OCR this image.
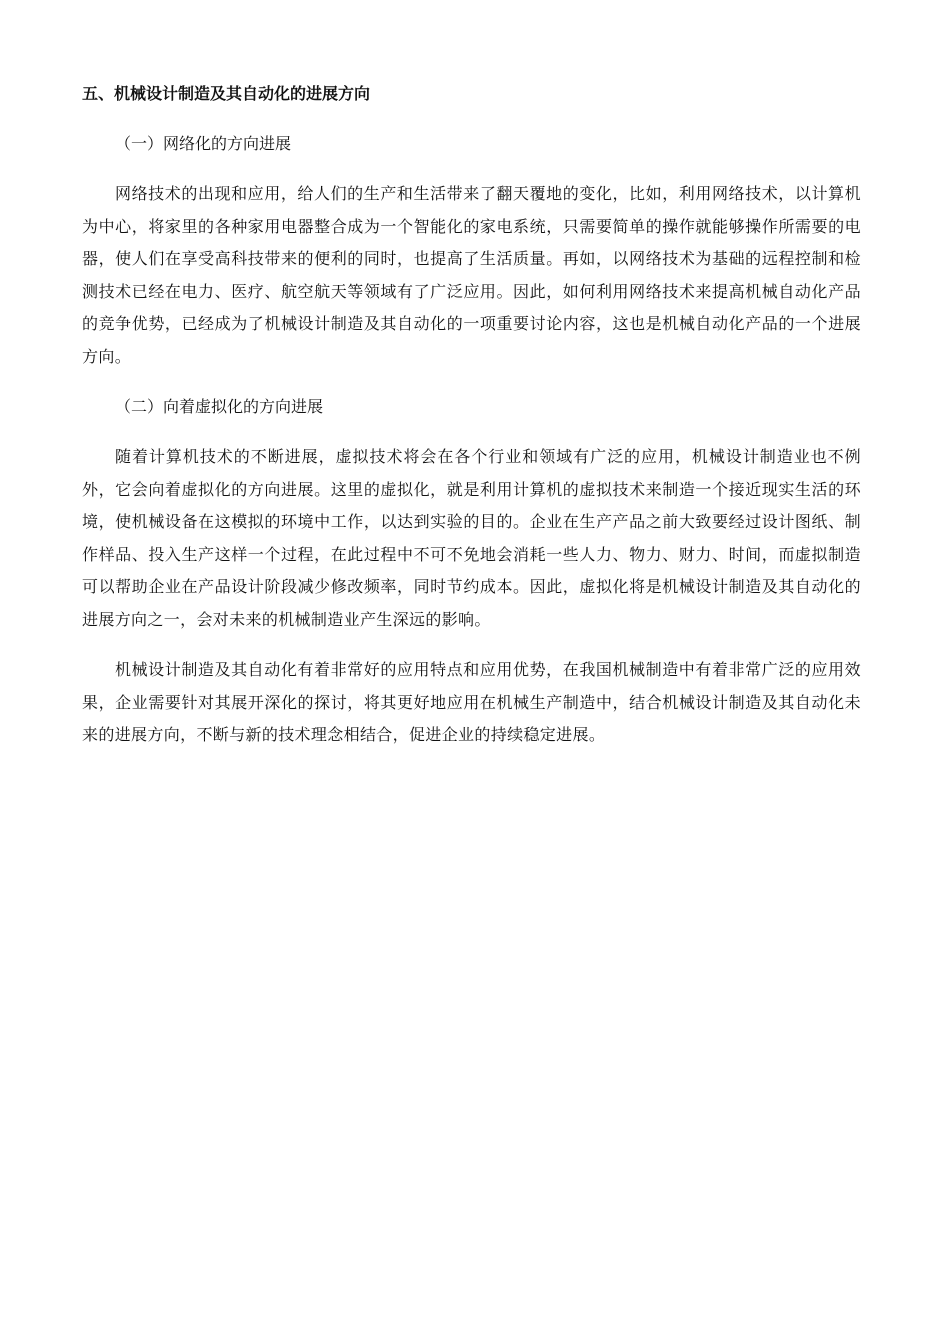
五、机械设计制造及其自动化的进展方向
（一）网络化的方向进展

网络技术的出现和应用，给人们的生产和生活带来了翻天覆地的变化，比如，利用网络技术，以计算机为中心，将家里的各种家用电器整合成为一个智能化的家电系统，只需要简单的操作就能够操作所需要的电器，使人们在享受高科技带来的便利的同时，也提高了生活质量。再如，以网络技术为基础的远程控制和检测技术已经在电力、医疗、航空航天等领域有了广泛应用。因此，如何利用网络技术来提高机械自动化产品的竞争优势，已经成为了机械设计制造及其自动化的一项重要讨论内容，这也是机械自动化产品的一个进展方向。

（二）向着虚拟化的方向进展

随着计算机技术的不断进展，虚拟技术将会在各个行业和领域有广泛的应用，机械设计制造业也不例外，它会向着虚拟化的方向进展。这里的虚拟化，就是利用计算机的虚拟技术来制造一个接近现实生活的环境，使机械设备在这模拟的环境中工作，以达到实验的目的。企业在生产产品之前大致要经过设计图纸、制作样品、投入生产这样一个过程，在此过程中不可不免地会消耗一些人力、物力、财力、时间，而虚拟制造可以帮助企业在产品设计阶段减少修改频率，同时节约成本。因此，虚拟化将是机械设计制造及其自动化的进展方向之一，会对未来的机械制造业产生深远的影响。

机械设计制造及其自动化有着非常好的应用特点和应用优势，在我国机械制造中有着非常广泛的应用效果，企业需要针对其展开深化的探讨，将其更好地应用在机械生产制造中，结合机械设计制造及其自动化未来的进展方向，不断与新的技术理念相结合，促进企业的持续稳定进展。
